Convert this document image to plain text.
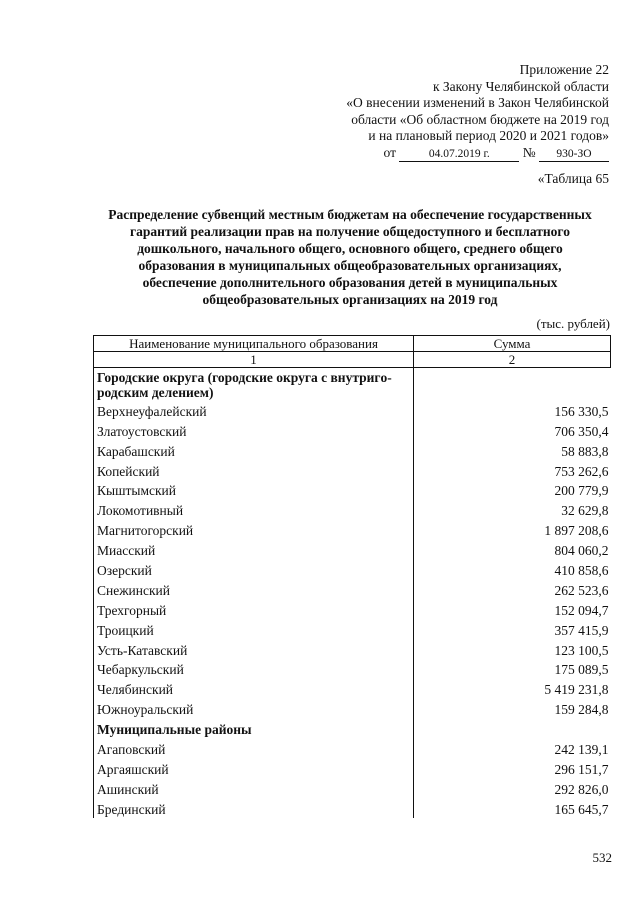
Приложение 22
к Закону Челябинской области
«О внесении изменений в Закон Челябинской
области «Об областном бюджете на 2019 год
и на плановый период 2020 и 2021 годов»
от	04.07.2019 г. № 930-ЗО
«Таблица 65
Распределение субвенций местным бюджетам на обеспечение государственных
гарантий реализации прав на получение общедоступного и бесплатного
дошкольного, начального общего, основного общего, среднего общего
образования в муниципальных общеобразовательных организациях,
обеспечение дополнительного образования детей в муниципальных
общеобразовательных организациях на 2019 год
(тыс. рублей)
Наименование муниципального образования	Сумма
1	2
Городские округа (городские округа с внутригo-
родским делением)	
Верхнеуфалейский	156 330,5
Златоустовский	706 350,4
Карабашский	58 883,8
Копейский	753 262,6
Кыштымский	200 779,9
Локомотивный	32 629,8
Магнитогорский	1 897 208,6
Миасский	804 060,2
Озерский	410 858,6
Снежинский	262 523,6
Трехгорный	152 094,7
Троицкий	357 415,9
Усть-Катавский	123 100,5
Чебаркульский	175 089,5
Челябинский	5 419 231,8
Южноуральский	159 284,8
Муниципальные районы	
Агаповский	242 139,1
Аргаяшский	296 151,7
Ашинский	292 826,0
Брединский	165 645,7
532
